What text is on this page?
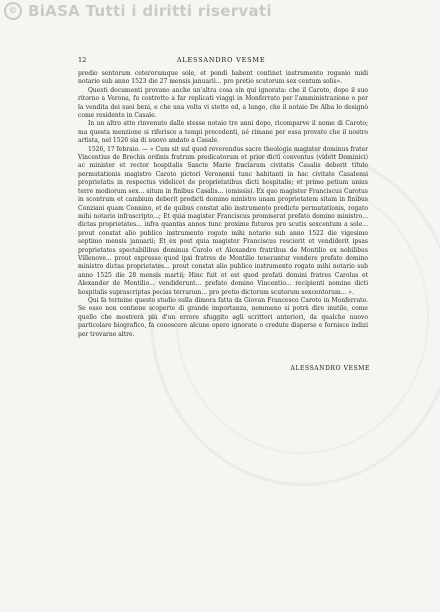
© BiASA Tutti i diritti riservati
12	ALESSANDRO VESME

predio sentorum ceterorumque sole, et pondi habent continet instrumento roganio midi notario sub anno 1523 die 27 mensis januarii... pro pretio scutorum sex centum solis».

Questi documenti provano anche un'altra cosa sin qui ignorata: che il Caroto, dopo il suo ritorno a Verona, fu costretto a far replicati viaggi in Monferrato per l'amministrazione o per la vendita dei suoi beni, e che una volta vi stette ed, a lungo, che il notaio De Alba lo designò come residente in Casale.

In un altro atto rinvenuto dalle stesse notaio tre anni dopo, ricomparve il nome di Caroto; ma questa menzione si riferisce a tempi precedenti, né rimane per essa provato che il nostro artista, nel 1526 sia di nuovo andato a Casale.

1526, 17 febraio. — « Cum sit sul quod reverendus sacre theologie magister dominus frater Vincentius de Brechis ordinis fratrum predicatorum et prior dicti conventus (vidett Dominici) ac minister et rector hospitalis Sancte Marie fraciarum civitatis Casalis deberit titulo permutationis magistro Caroto pictori Veronensi tunc habitanti in hac civitate Casalensi proprietatis in respectus videlicet de proprietatibus dicti hospitalis; et primo petium unius terre modiorum sex... situm in finibus Casalis... (omissis). Ex quo magister Franciscus Carotus in scontrum et cambium deberit predicti domino ministro unam proprietatem sitam in finibus Conziani quam Connino, et de quibus constat alio instrumento predicte permutationis, rogato mihi notario infrascripto...; Et quia magister Franciscus promiserat prefato domino ministro... dictas proprietates... infra quantas annos tunc proxime futuros pro scutis sexcentum a sole... prout constat alio publico instrumento rogato mihi notario sub anno 1522 die vigesimo septimo mensis januarii; Et ex post quia magister Franciscus rescierit et vendiderit ipsas proprietates spectabilibus dominus Carolo et Alexandro fratribus de Montilio ex nobilibus Villenove... prout expresse quod ipsi fratres de Montilio tenerantur vendere prefato domino ministro dictas proprietates... prout constat alio publico instrumento rogato mihi notario sub anno 1525 die 28 mensis martii; Hinc fuit et est quod prefati domini fratres Carolus et Alexander de Montilio... vendiderunt... prefato domino Vincentio... recipienti nomine dicti hospitalis suprascriptas pecias terrarum... pro pretio dictorum scutorum sexcentorum... ».

Qui fa termine questo studio sulla dimora fatta da Giovan Francesco Caroto in Monferrato. Se esso non contiene scoperte di grande importanza, nemmeno si potrà dire inutile, come quello che mostrerà più d'un errore sfuggito agli scrittori anteriori, da qualche nuovo particolare biografico, fa conoscere alcune opere ignorate o credute disperse e fornisce indizi per trovarne altre.

ALESSANDRO VESME
